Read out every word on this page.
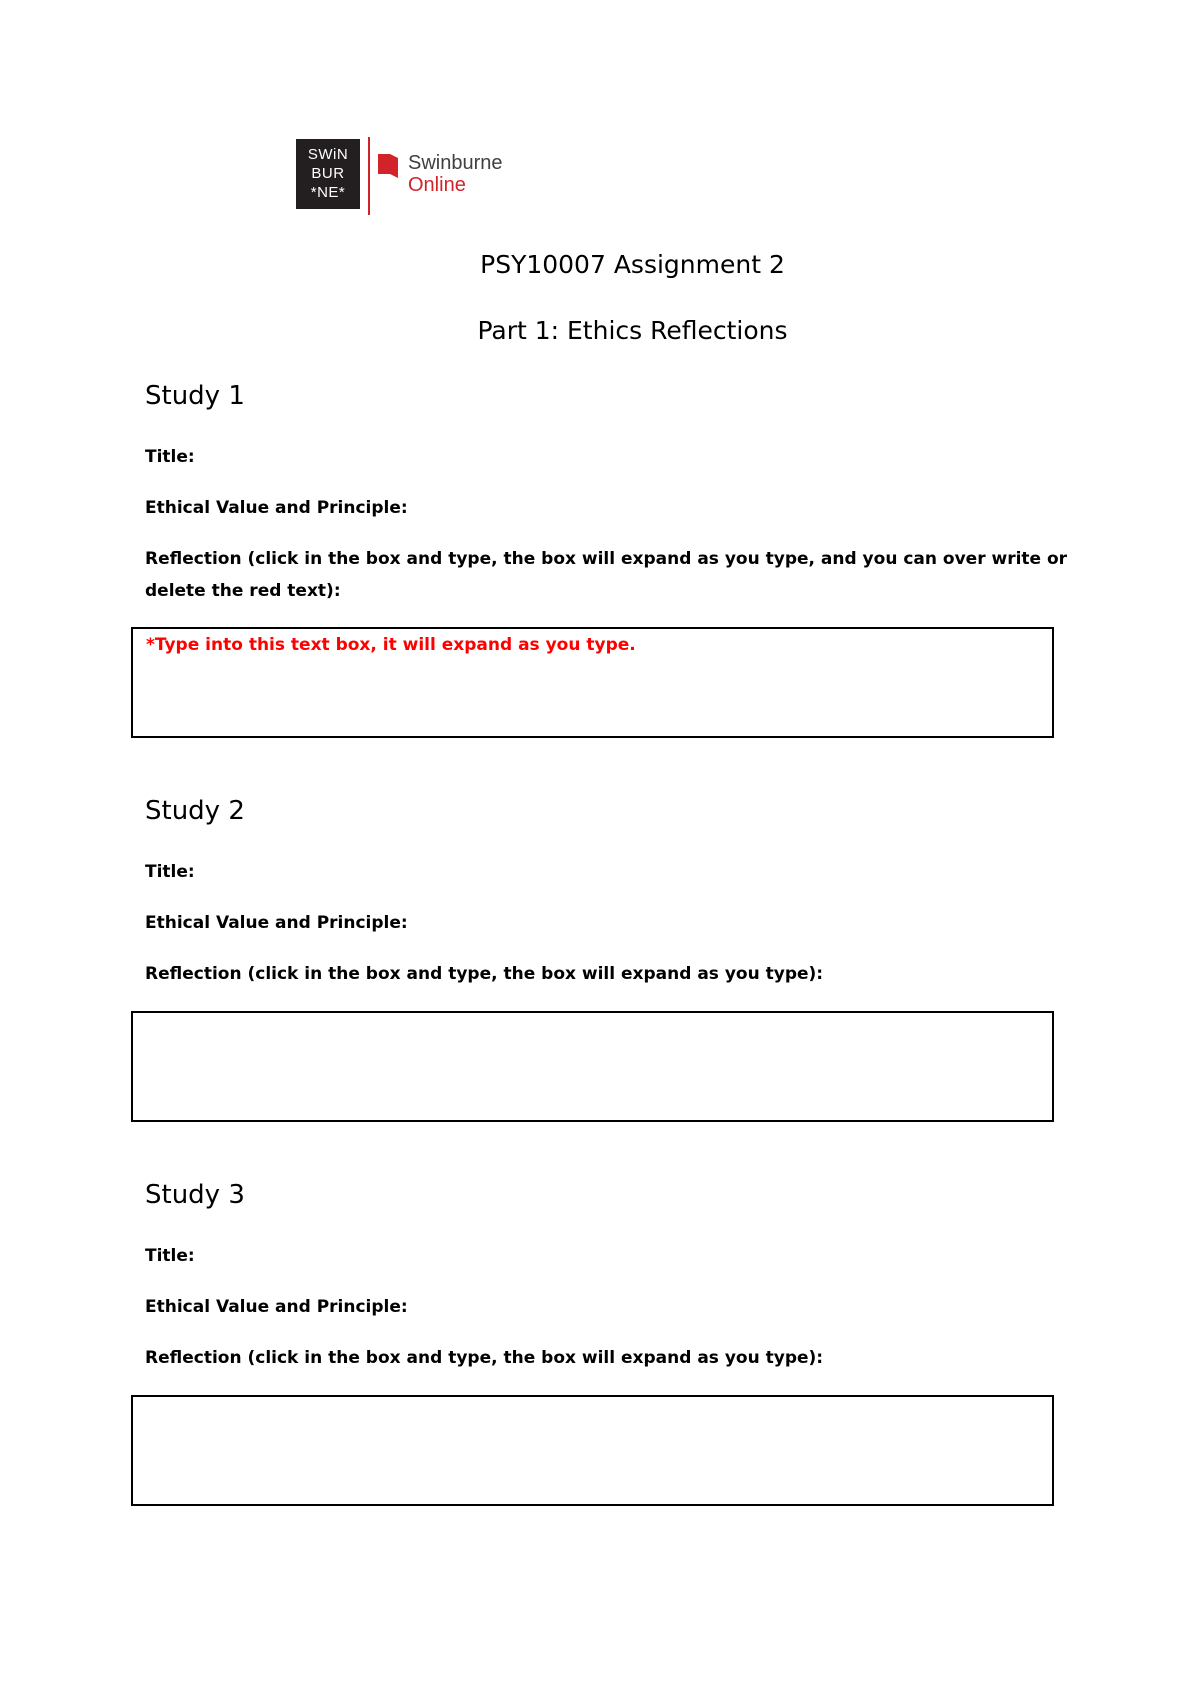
SWiN
BUR
*NE*
Swinburne
Online
PSY10007 Assignment 2
Part 1: Ethics Reflections
Study 1
Title:
Ethical Value and Principle:
Reflection (click in the box and type, the box will expand as you type, and you can over write or delete the red text):
*Type into this text box, it will expand as you type.
Study 2
Title:
Ethical Value and Principle:
Reflection (click in the box and type, the box will expand as you type):
Study 3
Title:
Ethical Value and Principle:
Reflection (click in the box and type, the box will expand as you type):
